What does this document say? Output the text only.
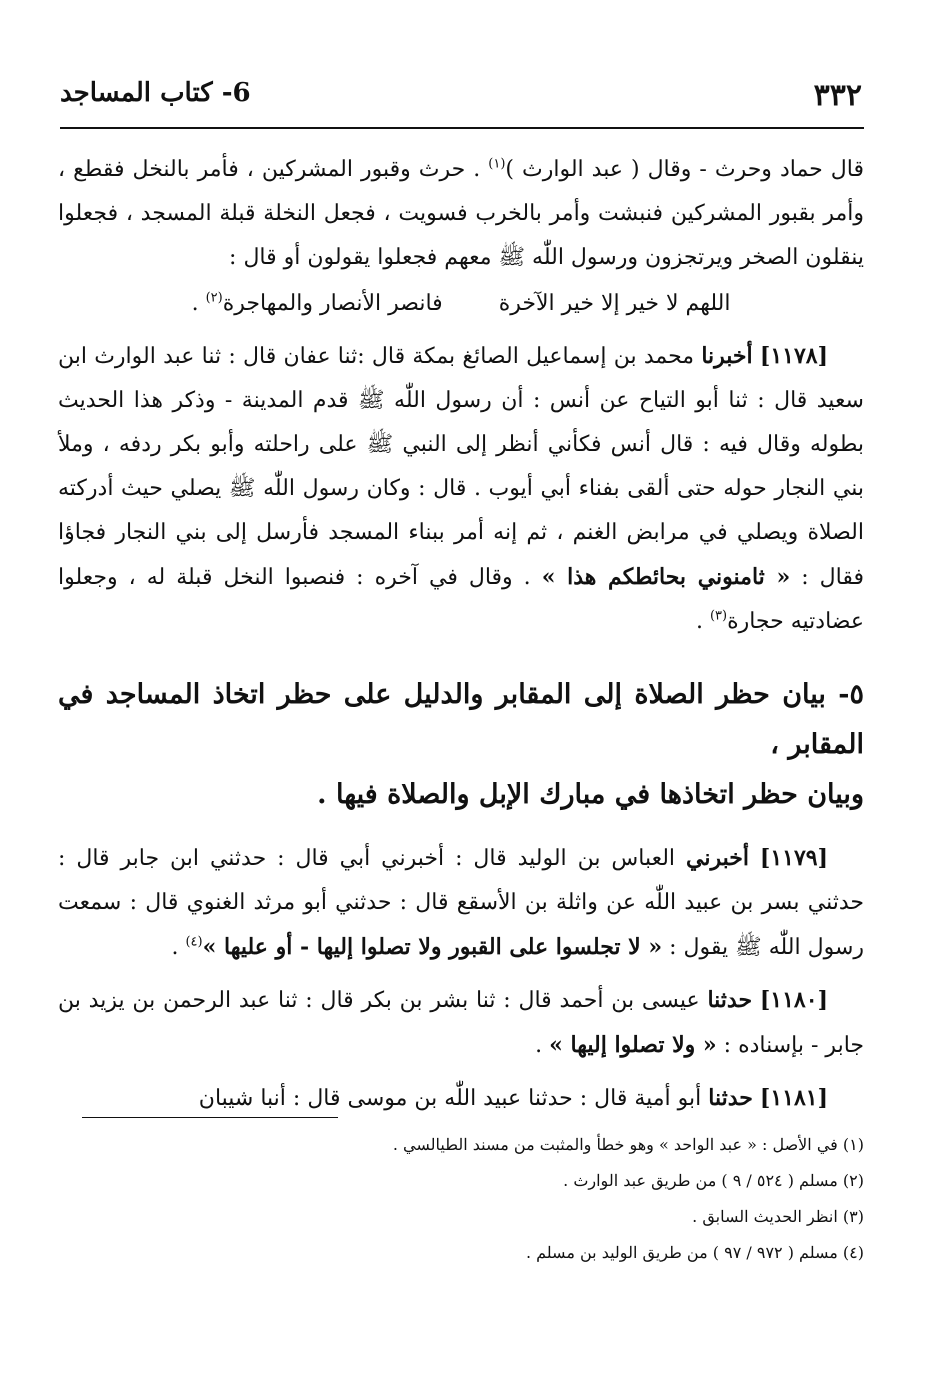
٣٣٢
6- كتاب المساجد

قال حماد وحرث - وقال ( عبد الوارث )$^{(١)}$ . حرث وقبور المشركين ، فأمر بالنخل فقطع ، وأمر بقبور المشركين فنبشت وأمر بالخرب فسويت ، فجعل النخلة قبلة المسجد ، فجعلوا ينقلون الصخر ويرتجزون ورسول اللّٰه ﷺ معهم فجعلوا يقولون أو قال :

اللهم لا خير إلا خير الآخرة
فانصر الأنصار والمهاجرة$^{(٢)}$ .

[١١٧٨] أخبرنا محمد بن إسماعيل الصائغ بمكة قال :ثنا عفان قال : ثنا عبد الوارث ابن سعيد قال : ثنا أبو التياح عن أنس : أن رسول اللّٰه ﷺ قدم المدينة - وذكر هذا الحديث بطوله وقال فيه : قال أنس فكأني أنظر إلى النبي ﷺ على راحلته وأبو بكر ردفه ، وملأ بني النجار حوله حتى ألقى بفناء أبي أيوب . قال : وكان رسول اللّٰه ﷺ يصلي حيث أدركته الصلاة ويصلي في مرابض الغنم ، ثم إنه أمر ببناء المسجد فأرسل إلى بني النجار فجاؤا فقال : « ثامنوني بحائطكم هذا » . وقال في آخره : فنصبوا النخل قبلة له ، وجعلوا عضادتيه حجارة$^{(٣)}$ .

٥- بيان حظر الصلاة إلى المقابر والدليل على حظر اتخاذ المساجد في المقابر ،
وبيان حظر اتخاذها في مبارك الإبل والصلاة فيها .

[١١٧٩] أخبرني العباس بن الوليد قال : أخبرني أبي قال : حدثني ابن جابر قال : حدثني بسر بن عبيد اللّٰه عن واثلة بن الأسقع قال : حدثني أبو مرثد الغنوي قال : سمعت رسول اللّٰه ﷺ يقول : « لا تجلسوا على القبور ولا تصلوا إليها - أو عليها »$^{(٤)}$ .

[١١٨٠] حدثنا عيسى بن أحمد قال : ثنا بشر بن بكر قال : ثنا عبد الرحمن بن يزيد بن جابر - بإسناده : « ولا تصلوا إليها » .

[١١٨١] حدثنا أبو أمية قال : حدثنا عبيد اللّٰه بن موسى قال : أنبا شيبان

(١) في الأصل : « عبد الواحد » وهو خطأ والمثبت من مسند الطيالسي .
(٢) مسلم ( ٥٢٤ / ٩ ) من طريق عبد الوارث .
(٣) انظر الحديث السابق .
(٤) مسلم ( ٩٧٢ / ٩٧ ) من طريق الوليد بن مسلم .
